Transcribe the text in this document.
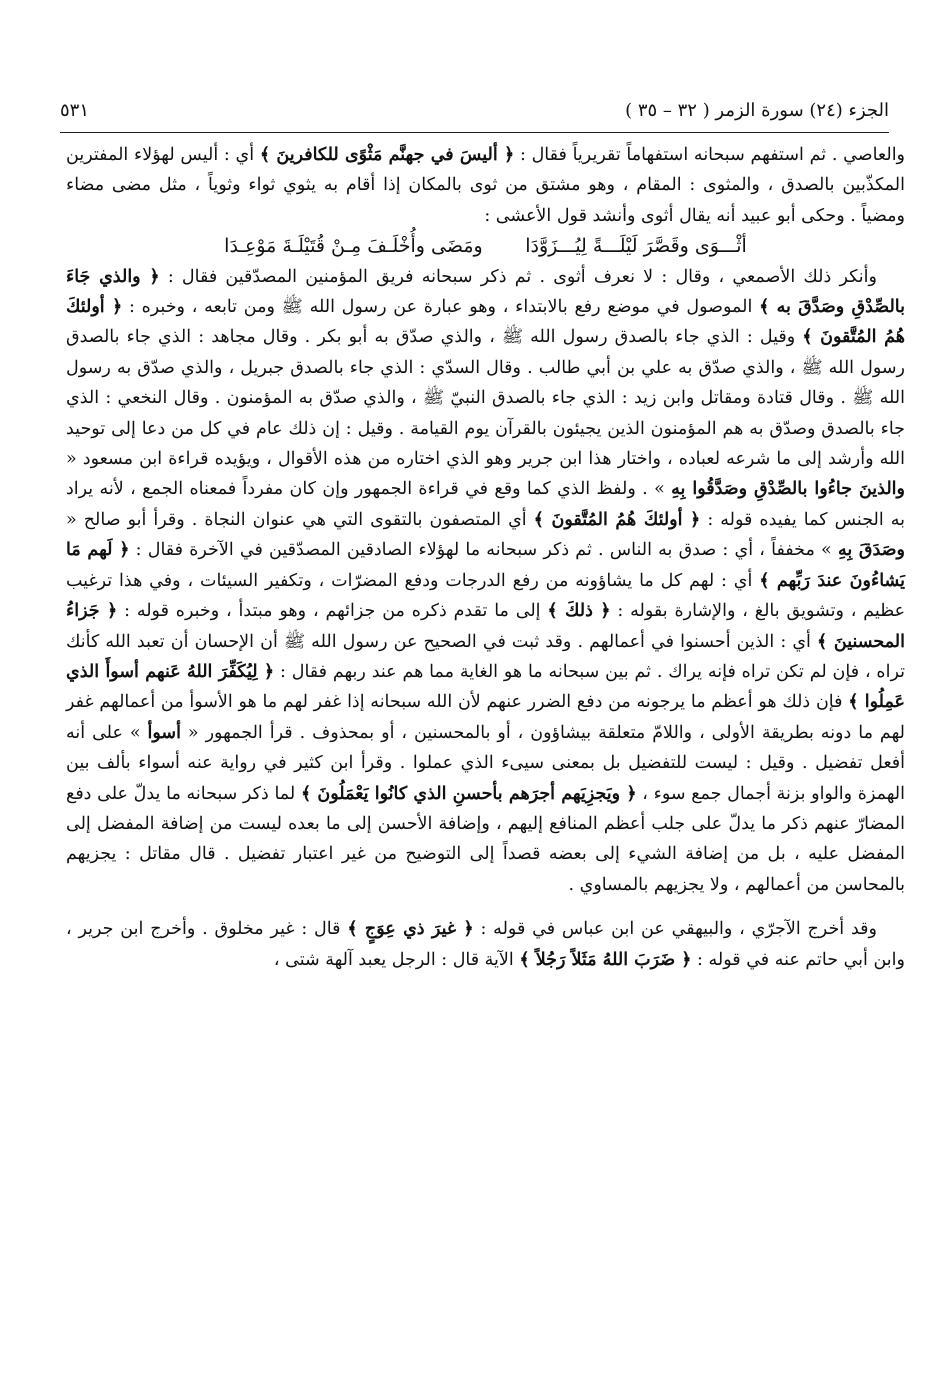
الجزء (٢٤) سورة الزمر ( ٣٢ – ٣٥ )
٥٣١

والعاصي . ثم استفهم سبحانه استفهاماً تقريرياً فقال : ﴿ أليسَ في جهنَّم مَثْوًى للكافرينَ ﴾ أي : أليس لهؤلاء المفترين المكذّبين بالصدق ، والمثوى : المقام ، وهو مشتق من ثوى بالمكان إذا أقام به يثوي ثواء وثوياً ، مثل مضى مضاء ومضياً . وحكى أبو عبيد أنه يقال أثوى وأنشد قول الأعشى :

أثْـــوَى وقَصَّرَ لَيْلَـــةً لِيُـــزَوَّدَا ومَضَى وأُخْلَـفَ مِـنْ قُتَيْلَـةَ مَوْعِـدَا

وأنكر ذلك الأصمعي ، وقال : لا نعرف أثوى . ثم ذكر سبحانه فريق المؤمنين المصدّقين فقال : ﴿ والذي جَاءَ بالصِّدْقِ وصَدَّقَ به ﴾ الموصول في موضع رفع بالابتداء ، وهو عبارة عن رسول الله ﷺ ومن تابعه ، وخبره : ﴿ أولئكَ هُمُ المُتَّقونَ ﴾ وقيل : الذي جاء بالصدق رسول الله ﷺ ، والذي صدّق به أبو بكر . وقال مجاهد : الذي جاء بالصدق رسول الله ﷺ ، والذي صدّق به علي بن أبي طالب . وقال السدّي : الذي جاء بالصدق جبريل ، والذي صدّق به رسول الله ﷺ . وقال قتادة ومقاتل وابن زيد : الذي جاء بالصدق النبيّ ﷺ ، والذي صدّق به المؤمنون . وقال النخعي : الذي جاء بالصدق وصدّق به هم المؤمنون الذين يجيئون بالقرآن يوم القيامة . وقيل : إن ذلك عام في كل من دعا إلى توحيد الله وأرشد إلى ما شرعه لعباده ، واختار هذا ابن جرير وهو الذي اختاره من هذه الأقوال ، ويؤيده قراءة ابن مسعود « والذينَ جاءُوا بالصِّدْقِ وصَدَّقُوا بِهِ » . ولفظ الذي كما وقع في قراءة الجمهور وإن كان مفرداً فمعناه الجمع ، لأنه يراد به الجنس كما يفيده قوله : ﴿ أولئكَ هُمُ المُتَّقونَ ﴾ أي المتصفون بالتقوى التي هي عنوان النجاة . وقرأ أبو صالح « وصَدَقَ بِهِ » مخففاً ، أي : صدق به الناس . ثم ذكر سبحانه ما لهؤلاء الصادقين المصدّقين في الآخرة فقال : ﴿ لَهم مَا يَشاءُونَ عندَ رَبِّهم ﴾ أي : لهم كل ما يشاؤونه من رفع الدرجات ودفع المضرّات ، وتكفير السيئات ، وفي هذا ترغيب عظيم ، وتشويق بالغ ، والإشارة بقوله : ﴿ ذلكَ ﴾ إلى ما تقدم ذكره من جزائهم ، وهو مبتدأ ، وخبره قوله : ﴿ جَزاءُ المحسنينَ ﴾ أي : الذين أحسنوا في أعمالهم . وقد ثبت في الصحيح عن رسول الله ﷺ أن الإحسان أن تعبد الله كأنك تراه ، فإن لم تكن تراه فإنه يراك . ثم بين سبحانه ما هو الغاية مما هم عند ربهم فقال : ﴿ لِيُكَفِّرَ اللهُ عَنهم أسوأَ الذي عَمِلُوا ﴾ فإن ذلك هو أعظم ما يرجونه من دفع الضرر عنهم لأن الله سبحانه إذا غفر لهم ما هو الأسوأ من أعمالهم غفر لهم ما دونه بطريقة الأولى ، واللامّ متعلقة بيشاؤون ، أو بالمحسنين ، أو بمحذوف . قرأ الجمهور « أسوأ » على أنه أفعل تفضيل . وقيل : ليست للتفضيل بل بمعنى سيىء الذي عملوا . وقرأ ابن كثير في رواية عنه أسواء بألف بين الهمزة والواو بزنة أجمال جمع سوء ، ﴿ ويَجزِيَهم أجرَهم بأحسنِ الذي كانُوا يَعْمَلُونَ ﴾ لما ذكر سبحانه ما يدلّ على دفع المضارّ عنهم ذكر ما يدلّ على جلب أعظم المنافع إليهم ، وإضافة الأحسن إلى ما بعده ليست من إضافة المفضل إلى المفضل عليه ، بل من إضافة الشيء إلى بعضه قصداً إلى التوضيح من غير اعتبار تفضيل . قال مقاتل : يجزيهم بالمحاسن من أعمالهم ، ولا يجزيهم بالمساوي .

وقد أخرج الآجرّي ، والبيهقي عن ابن عباس في قوله : ﴿ غيرَ ذي عِوَجٍ ﴾ قال : غير مخلوق . وأخرج ابن جرير ، وابن أبي حاتم عنه في قوله : ﴿ ضَرَبَ اللهُ مَثَلاً رَجُلاً ﴾ الآية قال : الرجل يعبد آلهة شتى ،
